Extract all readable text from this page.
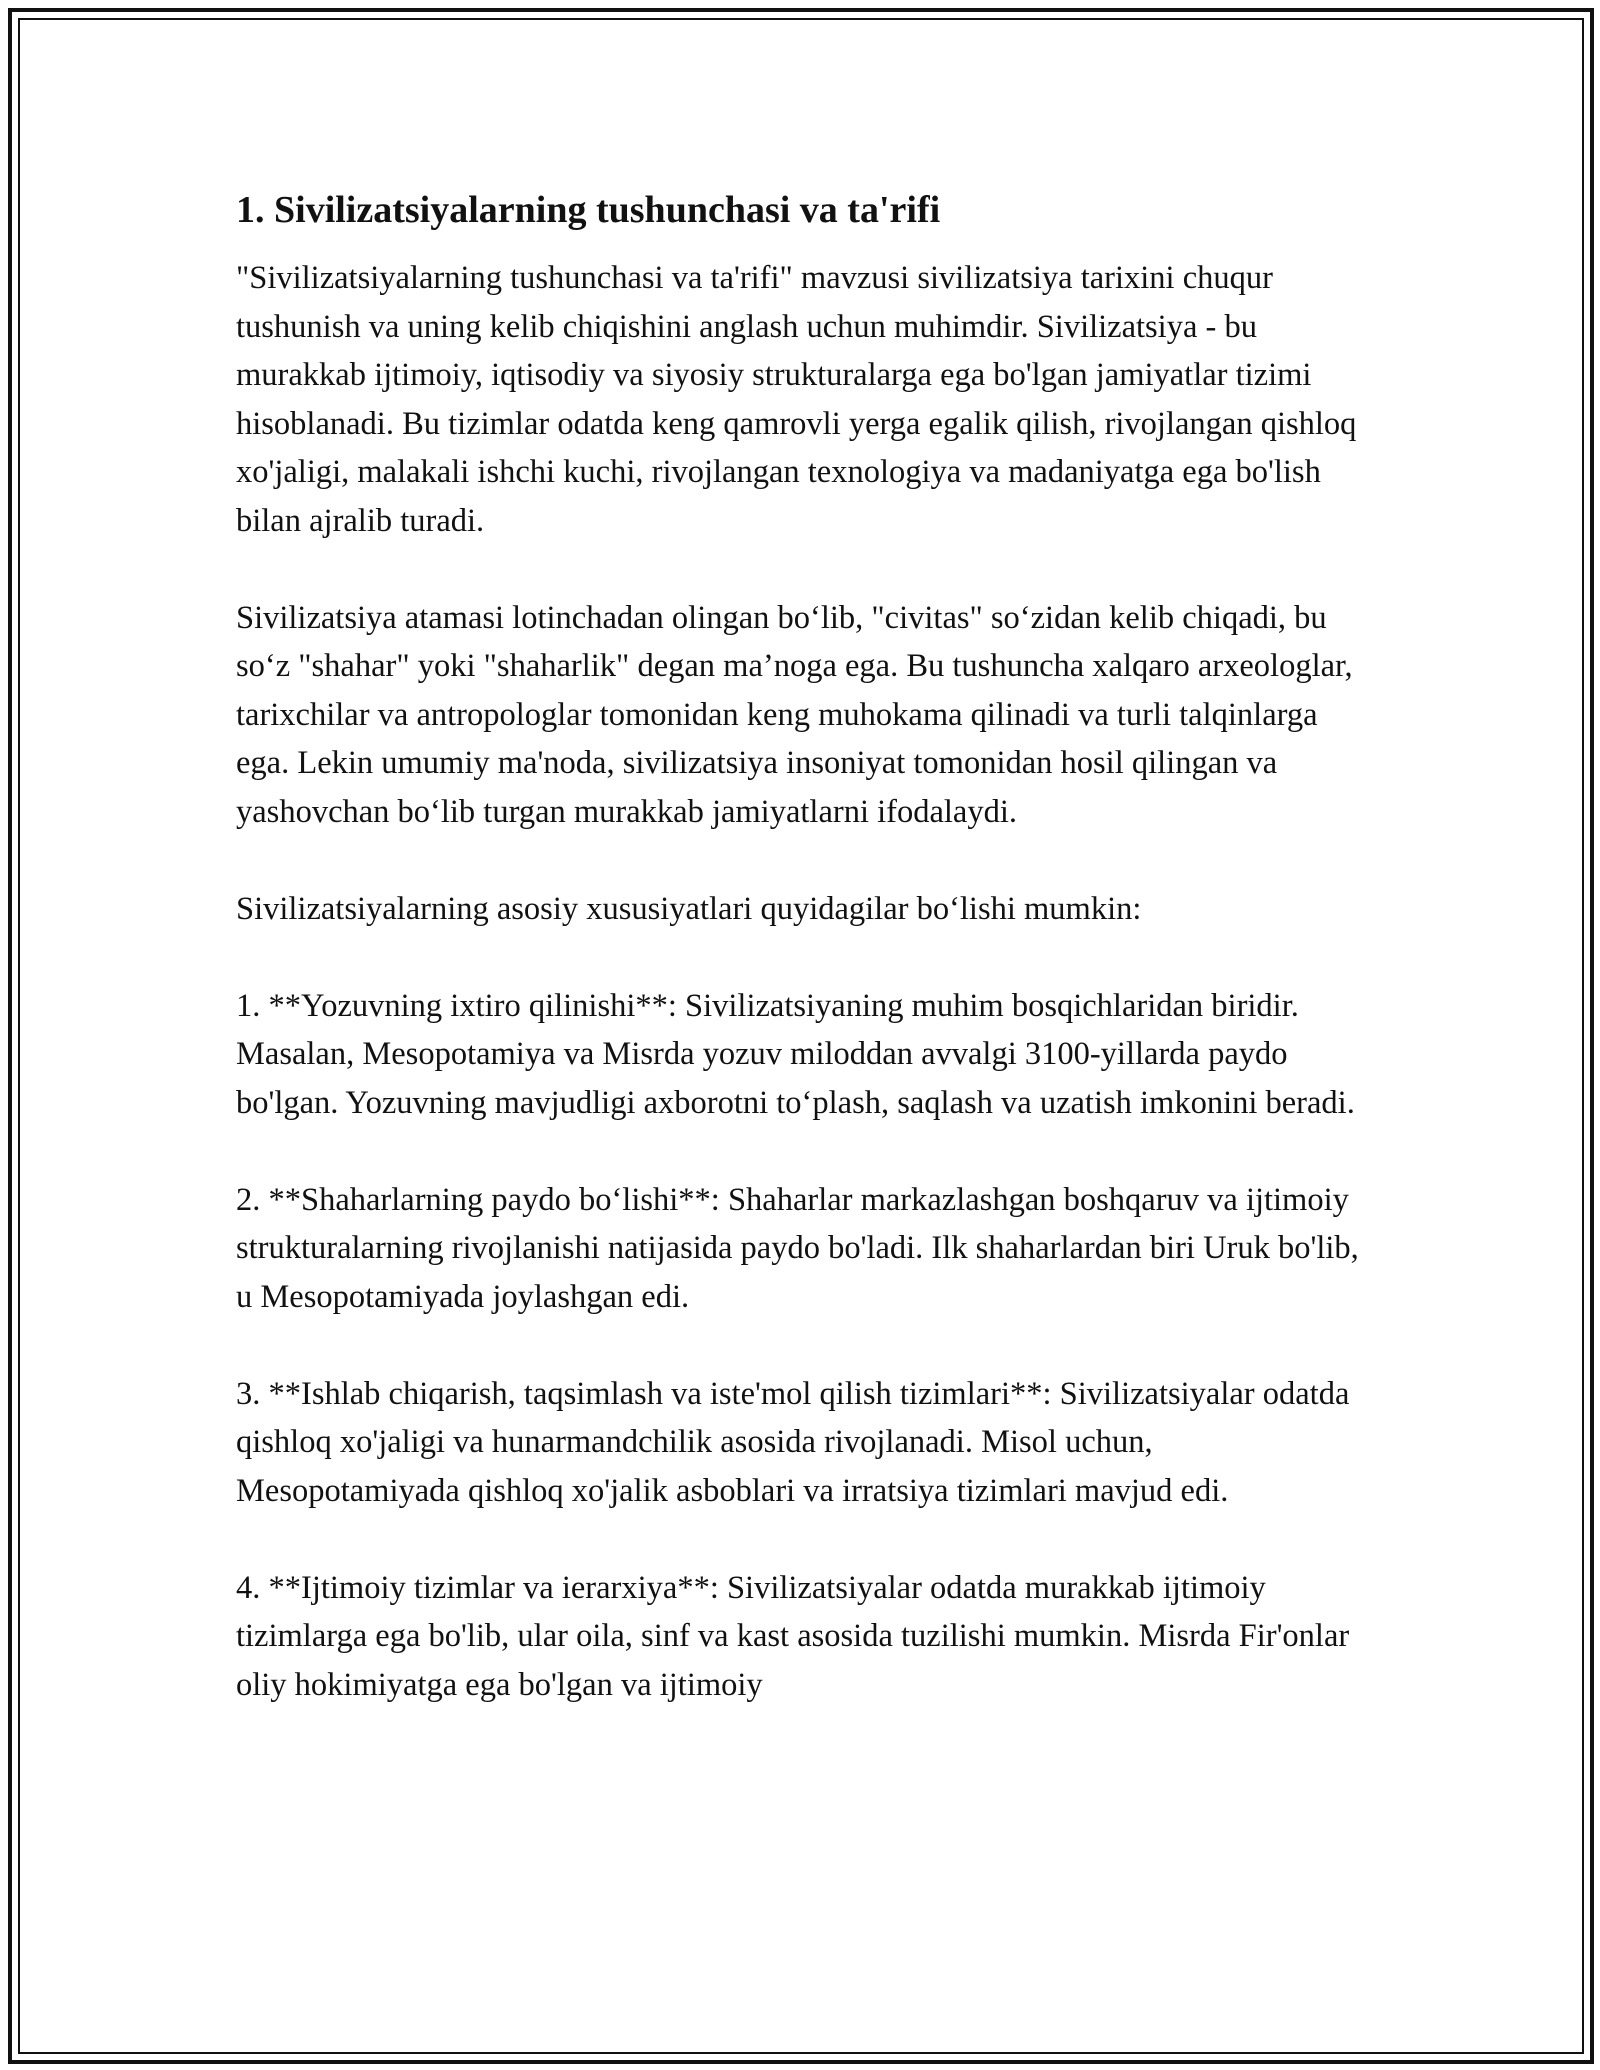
1. Sivilizatsiyalarning tushunchasi va ta'rifi

"Sivilizatsiyalarning tushunchasi va ta'rifi" mavzusi sivilizatsiya tarixini chuqur tushunish va uning kelib chiqishini anglash uchun muhimdir. Sivilizatsiya - bu murakkab ijtimoiy, iqtisodiy va siyosiy strukturalarga ega bo'lgan jamiyatlar tizimi hisoblanadi. Bu tizimlar odatda keng qamrovli yerga egalik qilish, rivojlangan qishloq xo'jaligi, malakali ishchi kuchi, rivojlangan texnologiya va madaniyatga ega bo'lish bilan ajralib turadi.

Sivilizatsiya atamasi lotinchadan olingan bo‘lib, "civitas" so‘zidan kelib chiqadi, bu so‘z "shahar" yoki "shaharlik" degan ma’noga ega. Bu tushuncha xalqaro arxeologlar, tarixchilar va antropologlar tomonidan keng muhokama qilinadi va turli talqinlarga ega. Lekin umumiy ma'noda, sivilizatsiya insoniyat tomonidan hosil qilingan va yashovchan bo‘lib turgan murakkab jamiyatlarni ifodalaydi.

Sivilizatsiyalarning asosiy xususiyatlari quyidagilar bo‘lishi mumkin:

1. **Yozuvning ixtiro qilinishi**: Sivilizatsiyaning muhim bosqichlaridan biridir. Masalan, Mesopotamiya va Misrda yozuv miloddan avvalgi 3100-yillarda paydo bo'lgan. Yozuvning mavjudligi axborotni to‘plash, saqlash va uzatish imkonini beradi.

2. **Shaharlarning paydo bo‘lishi**: Shaharlar markazlashgan boshqaruv va ijtimoiy strukturalarning rivojlanishi natijasida paydo bo'ladi. Ilk shaharlardan biri Uruk bo'lib, u Mesopotamiyada joylashgan edi.

3. **Ishlab chiqarish, taqsimlash va iste'mol qilish tizimlari**: Sivilizatsiyalar odatda qishloq xo'jaligi va hunarmandchilik asosida rivojlanadi. Misol uchun, Mesopotamiyada qishloq xo'jalik asboblari va irratsiya tizimlari mavjud edi.

4. **Ijtimoiy tizimlar va ierarxiya**: Sivilizatsiyalar odatda murakkab ijtimoiy tizimlarga ega bo'lib, ular oila, sinf va kast asosida tuzilishi mumkin. Misrda Fir'onlar oliy hokimiyatga ega bo'lgan va ijtimoiy
